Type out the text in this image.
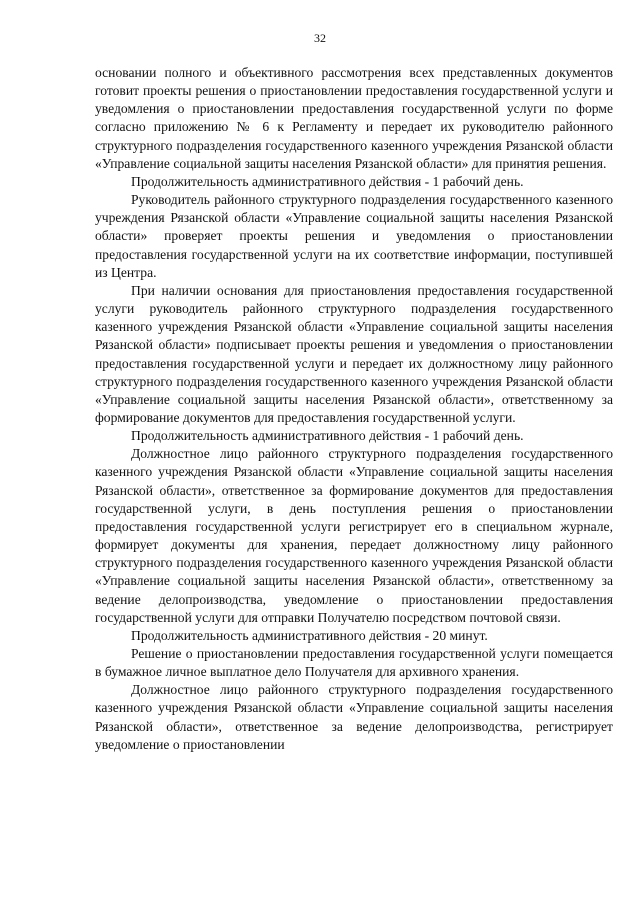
32

основании полного и объективного рассмотрения всех представленных документов готовит проекты решения о приостановлении предоставления государственной услуги и уведомления о приостановлении предоставления государственной услуги по форме согласно приложению № 6 к Регламенту и передает их руководителю районного структурного подразделения государственного казенного учреждения Рязанской области «Управление социальной защиты населения Рязанской области» для принятия решения.

Продолжительность административного действия - 1 рабочий день.

Руководитель районного структурного подразделения государственного казенного учреждения Рязанской области «Управление социальной защиты населения Рязанской области» проверяет проекты решения и уведомления о приостановлении предоставления государственной услуги на их соответствие информации, поступившей из Центра.

При наличии основания для приостановления предоставления государственной услуги руководитель районного структурного подразделения государственного казенного учреждения Рязанской области «Управление социальной защиты населения Рязанской области» подписывает проекты решения и уведомления о приостановлении предоставления государственной услуги и передает их должностному лицу районного структурного подразделения государственного казенного учреждения Рязанской области «Управление социальной защиты населения Рязанской области», ответственному за формирование документов для предоставления государственной услуги.

Продолжительность административного действия - 1 рабочий день.

Должностное лицо районного структурного подразделения государственного казенного учреждения Рязанской области «Управление социальной защиты населения Рязанской области», ответственное за формирование документов для предоставления государственной услуги, в день поступления решения о приостановлении предоставления государственной услуги регистрирует его в специальном журнале, формирует документы для хранения, передает должностному лицу районного структурного подразделения государственного казенного учреждения Рязанской области «Управление социальной защиты населения Рязанской области», ответственному за ведение делопроизводства, уведомление о приостановлении предоставления государственной услуги для отправки Получателю посредством почтовой связи.

Продолжительность административного действия - 20 минут.

Решение о приостановлении предоставления государственной услуги помещается в бумажное личное выплатное дело Получателя для архивного хранения.

Должностное лицо районного структурного подразделения государственного казенного учреждения Рязанской области «Управление социальной защиты населения Рязанской области», ответственное за ведение делопроизводства, регистрирует уведомление о приостановлении
